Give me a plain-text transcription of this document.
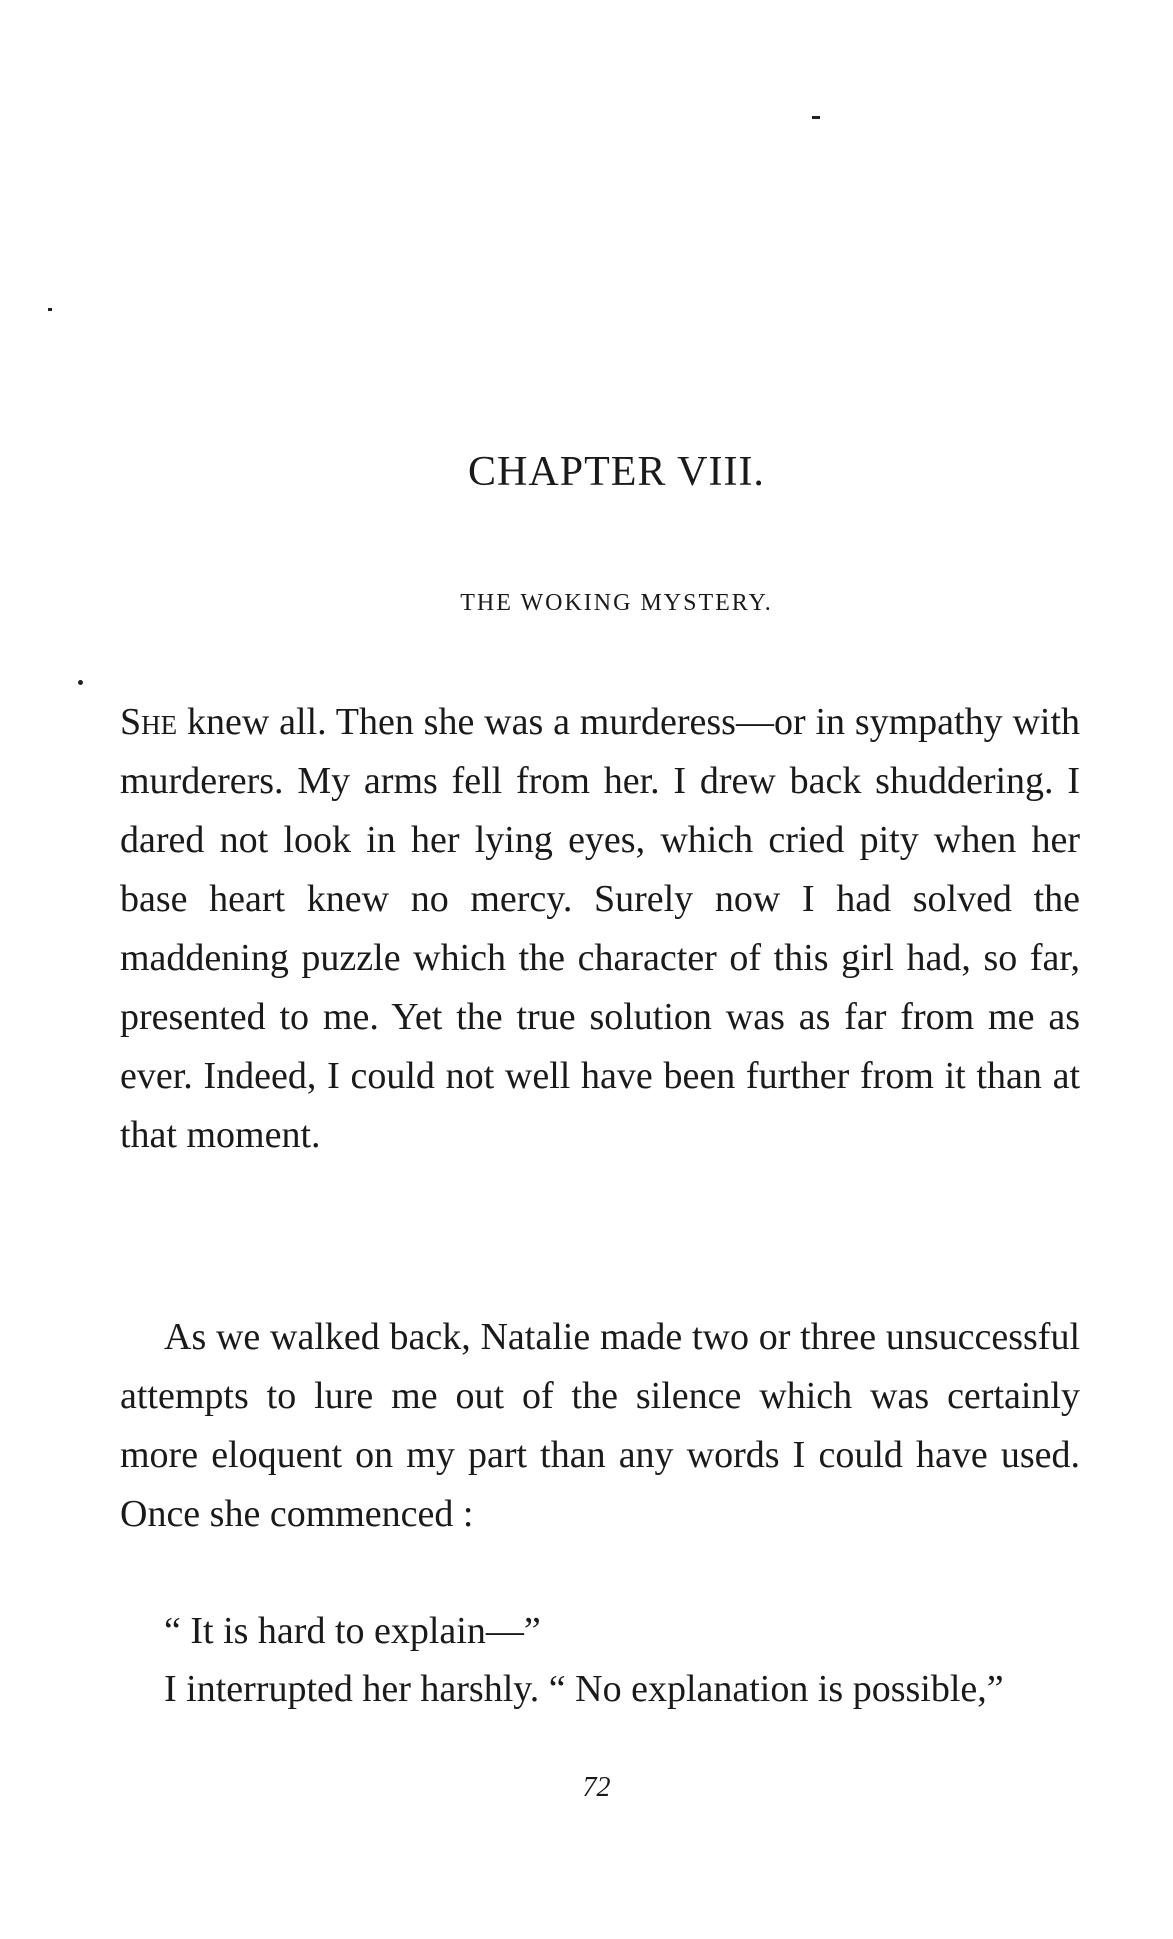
CHAPTER VIII.
THE WOKING MYSTERY.

She knew all. Then she was a murderess—or in sympathy with murderers. My arms fell from her. I drew back shuddering. I dared not look in her lying eyes, which cried pity when her base heart knew no mercy. Surely now I had solved the maddening puzzle which the character of this girl had, so far, presented to me. Yet the true solution was as far from me as ever. Indeed, I could not well have been further from it than at that moment.

As we walked back, Natalie made two or three unsuccessful attempts to lure me out of the silence which was certainly more eloquent on my part than any words I could have used. Once she commenced :

“ It is hard to explain—”

I interrupted her harshly. “ No explanation is possible,”

72
